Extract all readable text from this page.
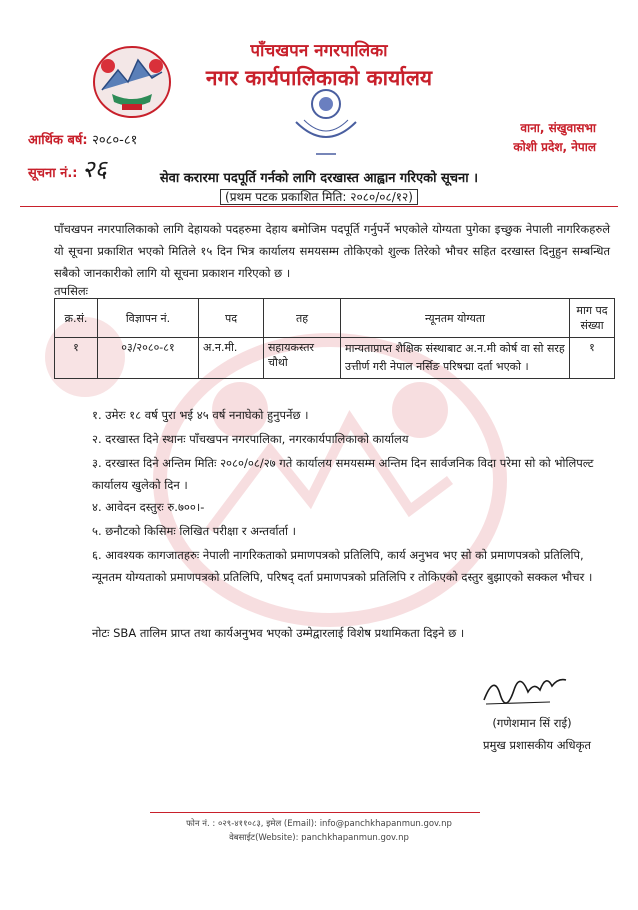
पाँचखपन नगरपालिका
नगर कार्यपालिकाको कार्यालय
आर्थिक बर्ष: २०८०-८१
सूचना नं.: २६
वाना, संखुवासभा
कोशी प्रदेश, नेपाल
सेवा करारमा पदपूर्ति गर्नको लागि दरखास्त आह्वान गरिएको सूचना ।
(प्रथम पटक प्रकाशित मिति: २०८०/०८/१२)
पाँचखपन नगरपालिकाको लागि देहायको पदहरुमा देहाय बमोजिम पदपूर्ति गर्नुपर्ने भएकोले योग्यता पुगेका इच्छुक नेपाली नागरिकहरुले यो सूचना प्रकाशित भएको मितिले १५ दिन भित्र कार्यालय समयसम्म तोकिएको शुल्क तिरेको भौचर सहित दरखास्त दिनुहुन सम्बन्धित सबैको जानकारीको लागि यो सूचना प्रकाशन गरिएको छ ।
तपसिलः
क्र.सं.	विज्ञापन नं.	पद	तह	न्यूनतम योग्यता	माग पद संख्या
१	०३/२०८०-८१	अ.न.मी.	सहायकस्तर चौथो	मान्यताप्राप्त शैक्षिक संस्थाबाट अ.न.मी कोर्ष वा सो सरह उत्तीर्ण गरी नेपाल नर्सिङ परिषद्मा दर्ता भएको ।	१
१. उमेरः १८ वर्ष पुरा भई ४५ वर्ष ननाघेको हुनुपर्नेछ ।
२. दरखास्त दिने स्थानः पाँचखपन नगरपालिका, नगरकार्यपालिकाको कार्यालय
३. दरखास्त दिने अन्तिम मितिः २०८०/०८/२७ गते कार्यालय समयसम्म अन्तिम दिन सार्वजनिक विदा परेमा सो को भोलिपल्ट कार्यालय खुलेको दिन ।
४. आवेदन दस्तुरः रु.७००।-
५. छनौटको किसिमः लिखित परीक्षा र अन्तर्वार्ता ।
६. आवश्यक कागजातहरुः नेपाली नागरिकताको प्रमाणपत्रको प्रतिलिपि, कार्य अनुभव भए सो को प्रमाणपत्रको प्रतिलिपि, न्यूनतम योग्यताको प्रमाणपत्रको प्रतिलिपि, परिषद् दर्ता प्रमाणपत्रको प्रतिलिपि र तोकिएको दस्तुर बुझाएको सक्कल भौचर ।
नोटः SBA तालिम प्राप्त तथा कार्यअनुभव भएको उम्मेद्वारलाई विशेष प्रथामिकता दिइने छ ।
(गणेशमान सिं राई)
प्रमुख प्रशासकीय अधिकृत
फोन नं. : ०२९-४११०८३, इमेल (Email): info@panchkhapanmun.gov.np
वेबसाईट(Website): panchkhapanmun.gov.np
